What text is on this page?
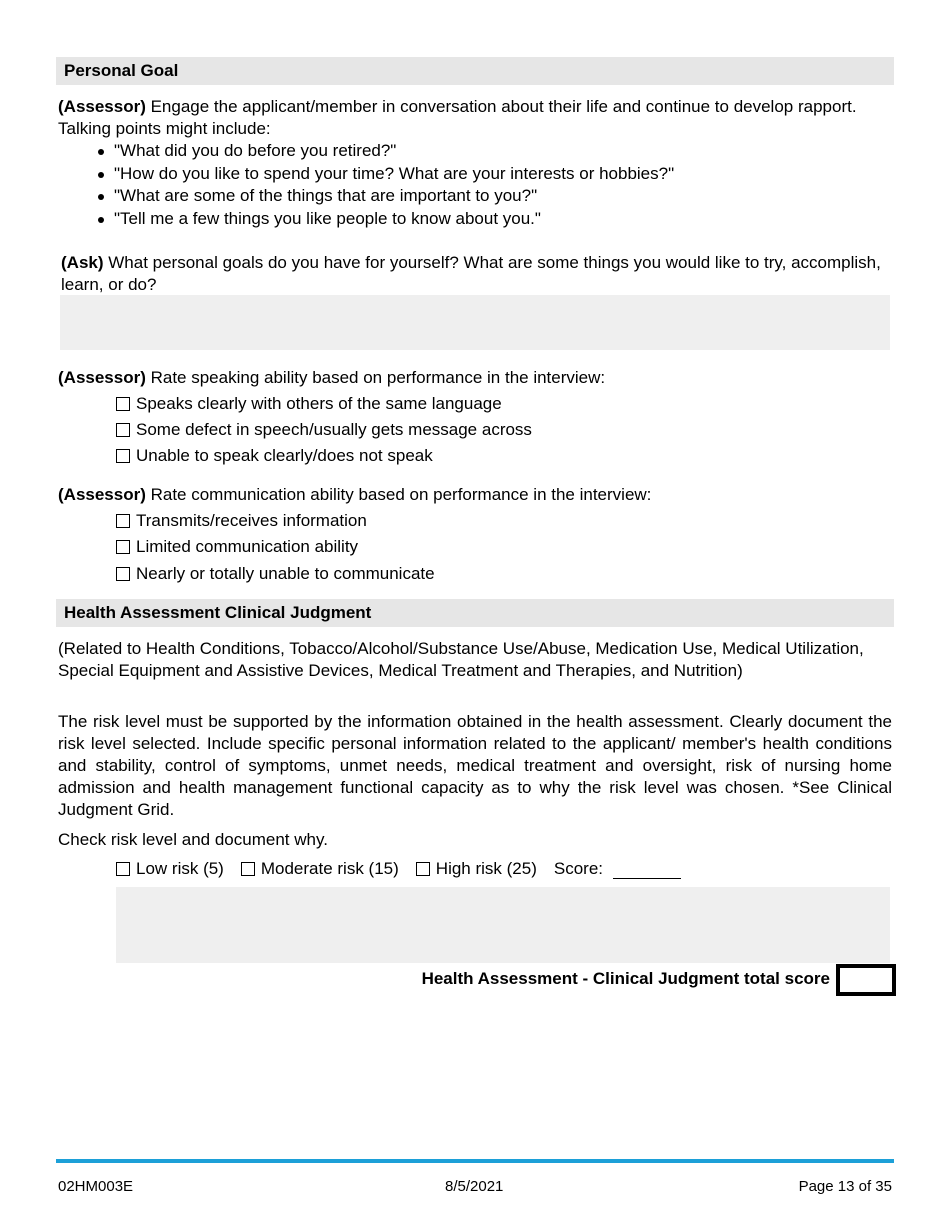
Personal Goal
(Assessor) Engage the applicant/member in conversation about their life and continue to develop rapport. Talking points might include:
"What did you do before you retired?"
"How do you like to spend your time? What are your interests or hobbies?"
"What are some of the things that are important to you?"
"Tell me a few things you like people to know about you."
(Ask) What personal goals do you have for yourself? What are some things you would like to try, accomplish, learn, or do?
(Assessor) Rate speaking ability based on performance in the interview:
Speaks clearly with others of the same language
Some defect in speech/usually gets message across
Unable to speak clearly/does not speak
(Assessor) Rate communication ability based on performance in the interview:
Transmits/receives information
Limited communication ability
Nearly or totally unable to communicate
Health Assessment Clinical Judgment
(Related to Health Conditions, Tobacco/Alcohol/Substance Use/Abuse, Medication Use, Medical Utilization, Special Equipment and Assistive Devices, Medical Treatment and Therapies, and Nutrition)
The risk level must be supported by the information obtained in the health assessment. Clearly document the risk level selected. Include specific personal information related to the applicant/ member's health conditions and stability, control of symptoms, unmet needs, medical treatment and oversight, risk of nursing home admission and health management functional capacity as to why the risk level was chosen. *See Clinical Judgment Grid.
Check risk level and document why.
Low risk (5) Moderate risk (15) High risk (25) Score:
Health Assessment - Clinical Judgment total score
02HM003E	8/5/2021	Page 13 of 35
